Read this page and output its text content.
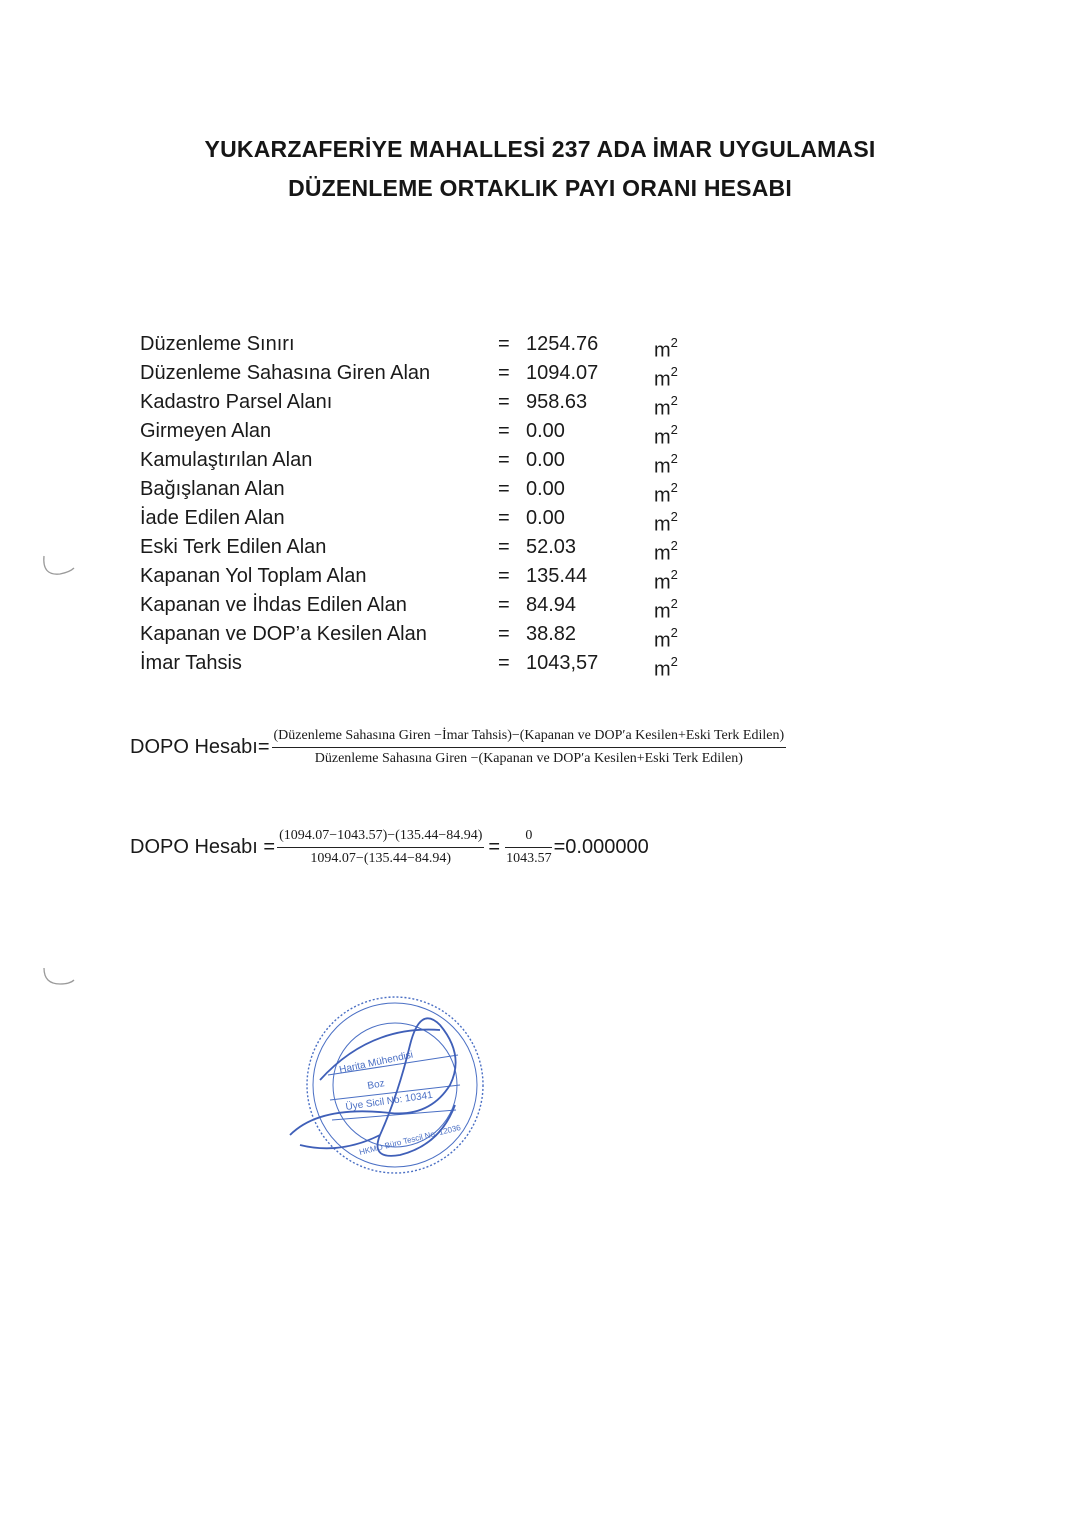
YUKARZAFERİYE MAHALLESİ 237 ADA İMAR UYGULAMASI
DÜZENLEME ORTAKLIK PAYI ORANI HESABI
Düzenleme Sınırı	= 1254.76	$m^2$
Düzenleme Sahasına Giren Alan	= 1094.07	$m^2$
Kadastro Parsel Alanı	= 958.63	$m^2$
Girmeyen Alan	= 0.00	$m^2$
Kamulaştırılan Alan	= 0.00	$m^2$
Bağışlanan Alan	= 0.00	$m^2$
İade Edilen Alan	= 0.00	$m^2$
Eski Terk Edilen Alan	= 52.03	$m^2$
Kapanan Yol Toplam Alan	= 135.44	$m^2$
Kapanan ve İhdas Edilen Alan	= 84.94	$m^2$
Kapanan ve DOP’a Kesilen Alan	= 38.82	$m^2$
İmar Tahsis	= 1043,57	$m^2$
DOPO Hesabı=
(Düzenleme Sahasına Giren −İmar Tahsis)−(Kapanan ve DOP′a Kesilen+Eski Terk Edilen)
Düzenleme Sahasına Giren −(Kapanan ve DOP′a Kesilen+Eski Terk Edilen)
DOPO Hesabı = $\frac{(1094.07-1043.57)-(135.44-84.94)}{1094.07-(135.44-84.94)} = \frac{0}{1043.57} =0.000000$
Harita Mühendisi
Boz
Üye Sicil No: 10341
HKMO Büro Tescil No: 12036
